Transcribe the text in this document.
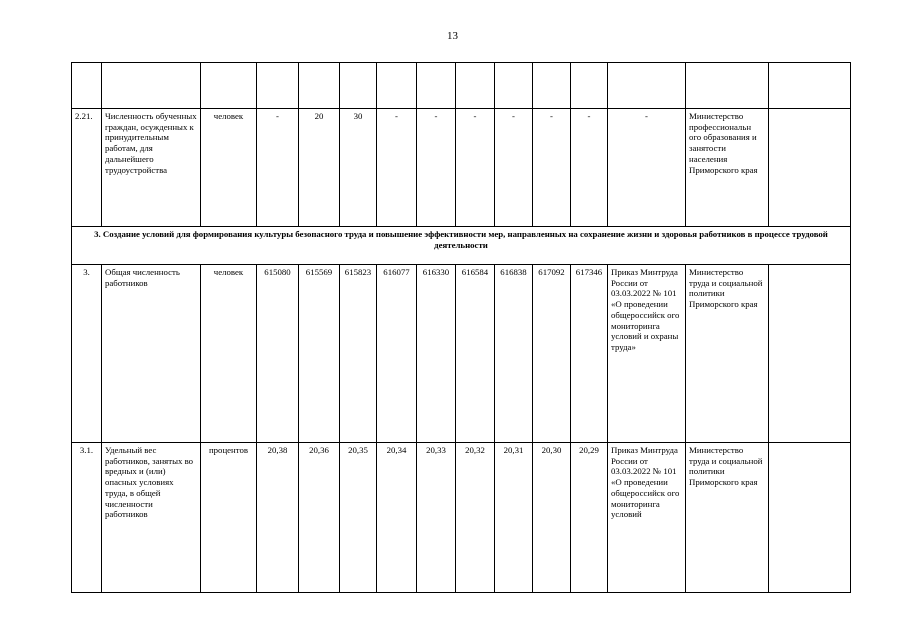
13

2.21.	Численность обученных граждан, осужденных к принудительным работам, для дальнейшего трудоустройства	человек	-	20	30	-	-	-	-	-	-	-	Министерство профессиональн ого образования и занятости населения Приморского края	
3. Создание условий для формирования культуры безопасного труда и повышение эффективности мер, направленных на сохранение жизни и здоровья работников в процессе трудовой деятельности														
3.	Общая численность работников	человек	615080	615569	615823	616077	616330	616584	616838	617092	617346	Приказ Минтруда России от 03.03.2022 № 101 «О проведении общероссийск ого мониторинга условий и охраны труда»	Министерство труда и социальной политики Приморского края	
3.1.	Удельный вес работников, занятых во вредных и (или) опасных условиях труда, в общей численности работников	процентов	20,38	20,36	20,35	20,34	20,33	20,32	20,31	20,30	20,29	Приказ Минтруда России от 03.03.2022 № 101 «О проведении общероссийск ого мониторинга условий	Министерство труда и социальной политики Приморского края	
